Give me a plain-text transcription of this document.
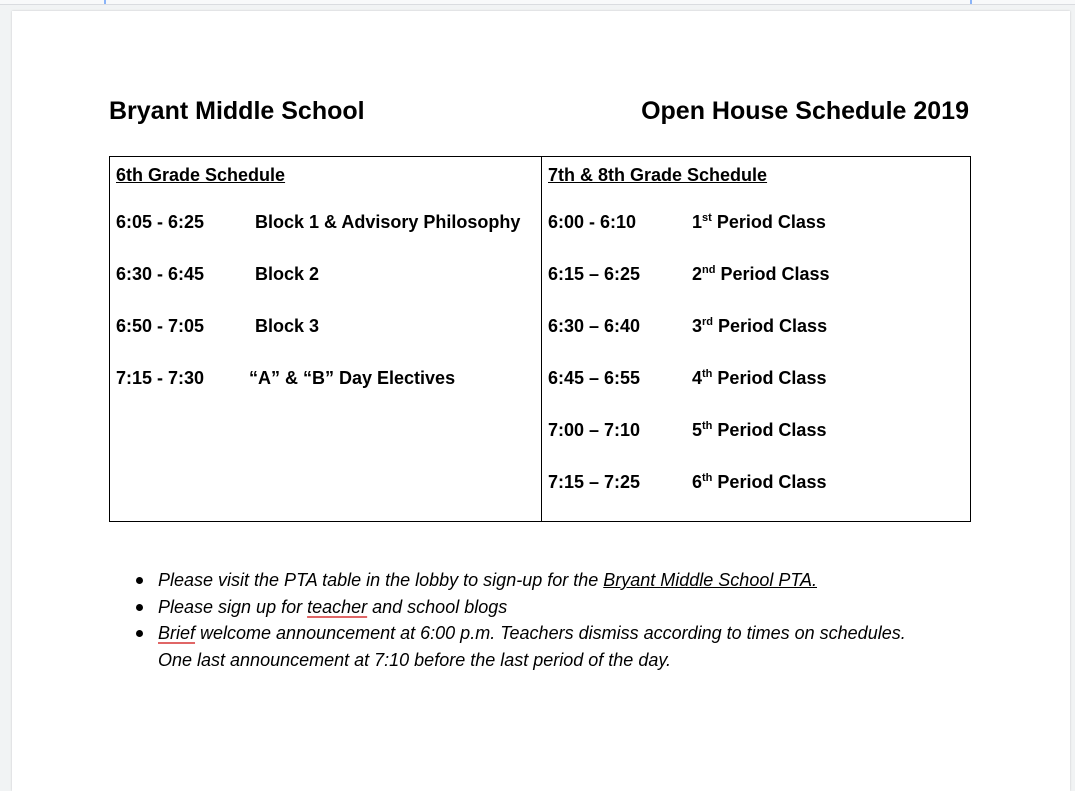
Bryant Middle School	Open House Schedule 2019
6th Grade Schedule
6:05 - 6:25	Block 1 & Advisory Philosophy
6:30 - 6:45	Block 2
6:50 - 7:05	Block 3
7:15 - 7:30 “A” & “B” Day Electives
7th & 8th Grade Schedule
6:00 - 6:10	1st Period Class
6:15 – 6:25	2nd Period Class
6:30 – 6:40	3rd Period Class
6:45 – 6:55	4th Period Class
7:00 – 7:10	5th Period Class
7:15 – 7:25	6th Period Class
Please visit the PTA table in the lobby to sign-up for the Bryant Middle School PTA.
Please sign up for teacher and school blogs
Brief welcome announcement at 6:00 p.m. Teachers dismiss according to times on schedules.
One last announcement at 7:10 before the last period of the day.
